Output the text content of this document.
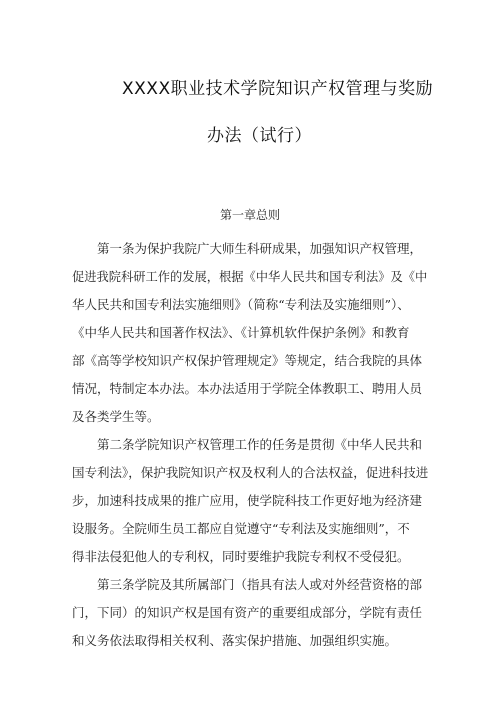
XXXX职业技术学院知识产权管理与奖励
办法（试行）
第一章总则
第一条为保护我院广大师生科研成果，加强知识产权管理，
促进我院科研工作的发展，根据《中华人民共和国专利法》及《中
华人民共和国专利法实施细则》（简称“专利法及实施细则”）、
《中华人民共和国著作权法》、《计算机软件保护条例》和教育
部《高等学校知识产权保护管理规定》等规定，结合我院的具体
情况，特制定本办法。本办法适用于学院全体教职工、聘用人员
及各类学生等。
第二条学院知识产权管理工作的任务是贯彻《中华人民共和
国专利法》，保护我院知识产权及权利人的合法权益，促进科技进
步，加速科技成果的推广应用，使学院科技工作更好地为经济建
设服务。全院师生员工都应自觉遵守“专利法及实施细则”，不
得非法侵犯他人的专利权，同时要维护我院专利权不受侵犯。
第三条学院及其所属部门（指具有法人或对外经营资格的部
门，下同）的知识产权是国有资产的重要组成部分，学院有责任
和义务依法取得相关权利、落实保护措施、加强组织实施。
